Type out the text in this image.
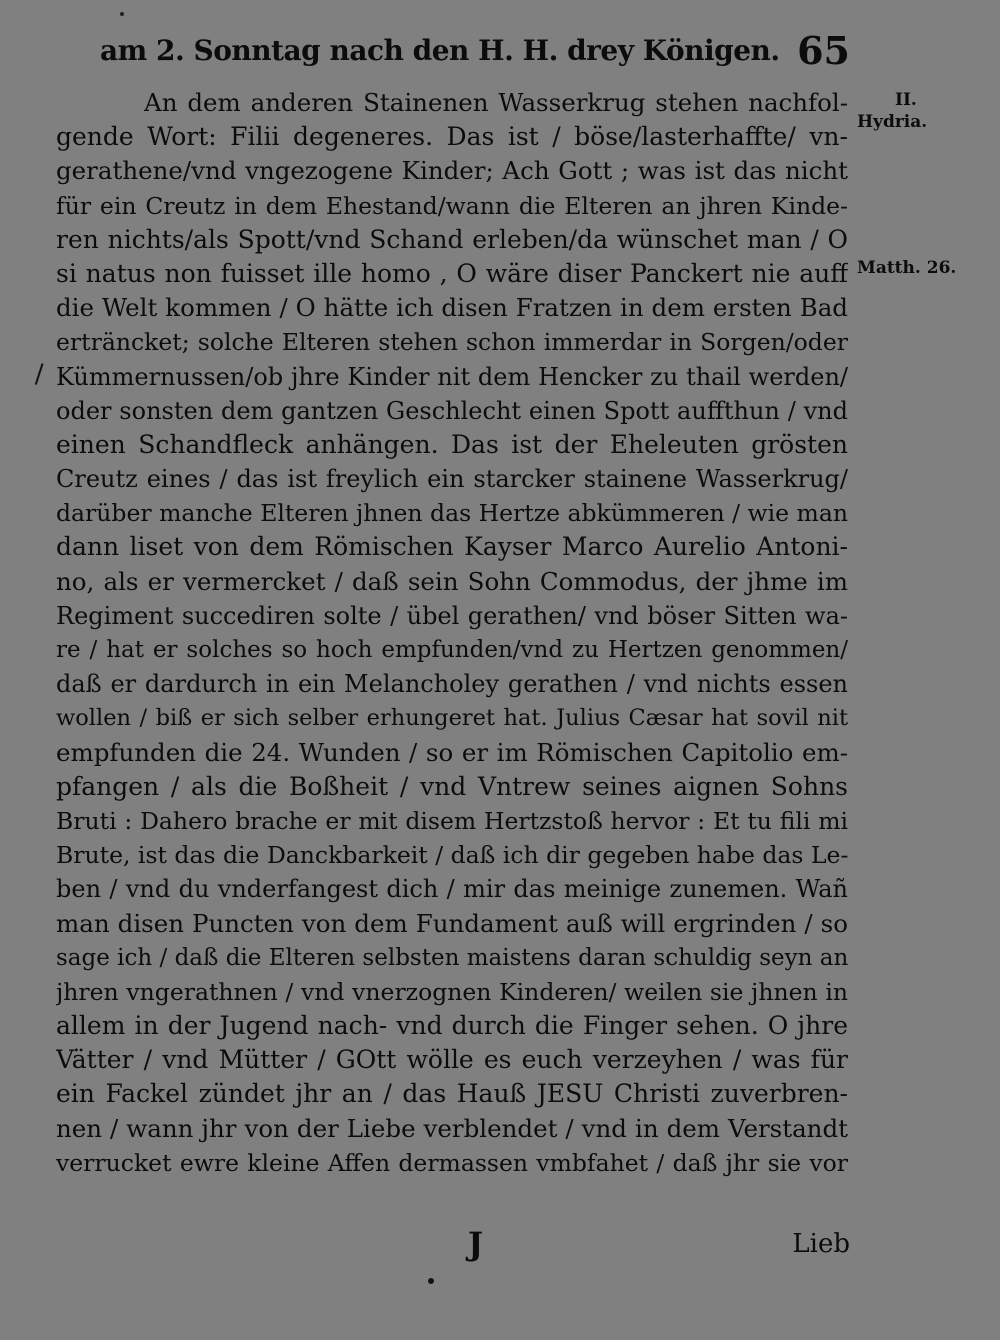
am 2. Sonntag nach den H. H. drey Königen. 65
II.
Hydria.
Matth. 26.
An dem anderen Stainenen Wasserkrug stehen nachfol-
gende Wort: Filii degeneres. Das ist / böse/lasterhaffte/ vn-
gerathene/vnd vngezogene Kinder; Ach Gott ; was ist das nicht
für ein Creutz in dem Ehestand/wann die Elteren an jhren Kinde-
ren nichts/als Spott/vnd Schand erleben/da wünschet man / O
si natus non fuisset ille homo , O wäre diser Panckert nie auff
die Welt kommen / O hätte ich disen Fratzen in dem ersten Bad
erträncket; solche Elteren stehen schon immerdar in Sorgen/oder
Kümmernussen/ob jhre Kinder nit dem Hencker zu thail werden/
oder sonsten dem gantzen Geschlecht einen Spott auffthun / vnd
einen Schandfleck anhängen. Das ist der Eheleuten grösten
Creutz eines / das ist freylich ein starcker stainene Wasserkrug/
darüber manche Elteren jhnen das Hertze abkümmeren / wie man
dann liset von dem Römischen Kayser Marco Aurelio Antoni-
no, als er vermercket / daß sein Sohn Commodus, der jhme im
Regiment succediren solte / übel gerathen/ vnd böser Sitten wa-
re / hat er solches so hoch empfunden/vnd zu Hertzen genommen/
daß er dardurch in ein Melancholey gerathen / vnd nichts essen
wollen / biß er sich selber erhungeret hat. Julius Cæsar hat sovil nit
empfunden die 24. Wunden / so er im Römischen Capitolio em-
pfangen / als die Boßheit / vnd Vntrew seines aignen Sohns
Bruti : Dahero brache er mit disem Hertzstoß hervor : Et tu fili mi
Brute, ist das die Danckbarkeit / daß ich dir gegeben habe das Le-
ben / vnd du vnderfangest dich / mir das meinige zunemen. Wañ
man disen Puncten von dem Fundament auß will ergrinden / so
sage ich / daß die Elteren selbsten maistens daran schuldig seyn an
jhren vngerathnen / vnd vnerzognen Kinderen/ weilen sie jhnen in
allem in der Jugend nach- vnd durch die Finger sehen. O jhre
Vätter / vnd Mütter / GOtt wölle es euch verzeyhen / was für
ein Fackel zündet jhr an / das Hauß JESU Christi zuverbren-
nen / wann jhr von der Liebe verblendet / vnd in dem Verstandt
verrucket ewre kleine Affen dermassen vmbfahet / daß jhr sie vor
J	Lieb
